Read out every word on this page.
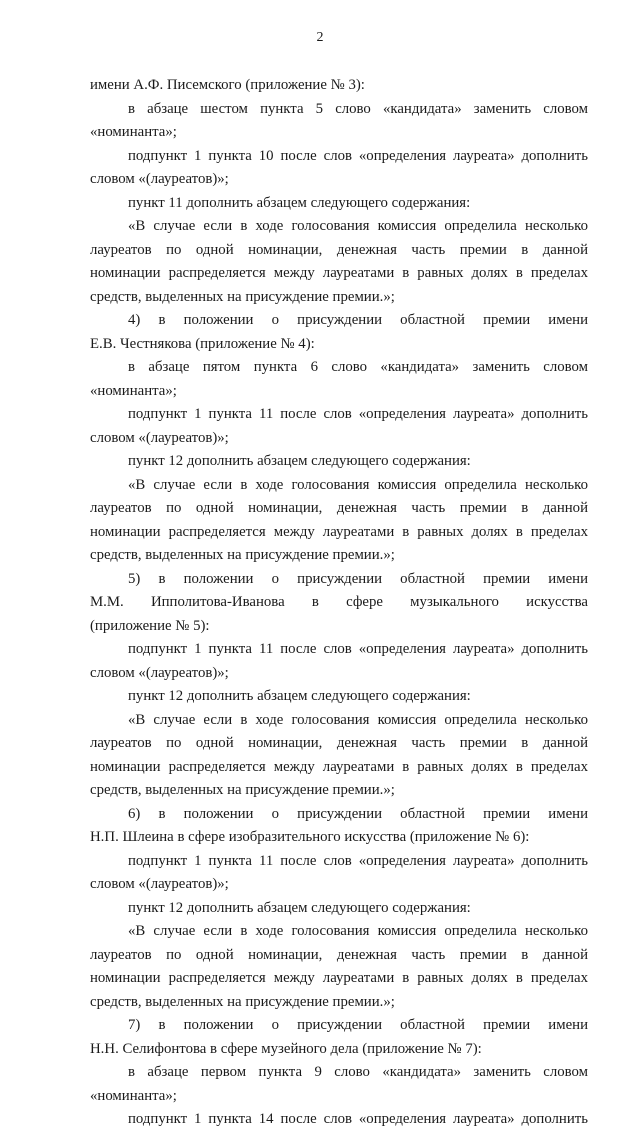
2
имени А.Ф. Писемского (приложение № 3):
в абзаце шестом пункта 5 слово «кандидата» заменить словом
«номинанта»;
подпункт 1 пункта 10 после слов «определения лауреата» дополнить
словом «(лауреатов)»;
пункт 11 дополнить абзацем следующего содержания:
«В случае если в ходе голосования комиссия определила несколько
лауреатов по одной номинации, денежная часть премии в данной
номинации распределяется между лауреатами в равных долях в пределах
средств, выделенных на присуждение премии.»;
4) в положении о присуждении областной премии имени
Е.В. Честнякова (приложение № 4):
в абзаце пятом пункта 6 слово «кандидата» заменить словом
«номинанта»;
подпункт 1 пункта 11 после слов «определения лауреата» дополнить
словом «(лауреатов)»;
пункт 12 дополнить абзацем следующего содержания:
«В случае если в ходе голосования комиссия определила несколько
лауреатов по одной номинации, денежная часть премии в данной
номинации распределяется между лауреатами в равных долях в пределах
средств, выделенных на присуждение премии.»;
5) в положении о присуждении областной премии имени
М.М. Ипполитова-Иванова в сфере музыкального искусства
(приложение № 5):
подпункт 1 пункта 11 после слов «определения лауреата» дополнить
словом «(лауреатов)»;
пункт 12 дополнить абзацем следующего содержания:
«В случае если в ходе голосования комиссия определила несколько
лауреатов по одной номинации, денежная часть премии в данной
номинации распределяется между лауреатами в равных долях в пределах
средств, выделенных на присуждение премии.»;
6) в положении о присуждении областной премии имени
Н.П. Шлеина в сфере изобразительного искусства (приложение № 6):
подпункт 1 пункта 11 после слов «определения лауреата» дополнить
словом «(лауреатов)»;
пункт 12 дополнить абзацем следующего содержания:
«В случае если в ходе голосования комиссия определила несколько
лауреатов по одной номинации, денежная часть премии в данной
номинации распределяется между лауреатами в равных долях в пределах
средств, выделенных на присуждение премии.»;
7) в положении о присуждении областной премии имени
Н.Н. Селифонтова в сфере музейного дела (приложение № 7):
в абзаце первом пункта 9 слово «кандидата» заменить словом
«номинанта»;
подпункт 1 пункта 14 после слов «определения лауреата» дополнить
